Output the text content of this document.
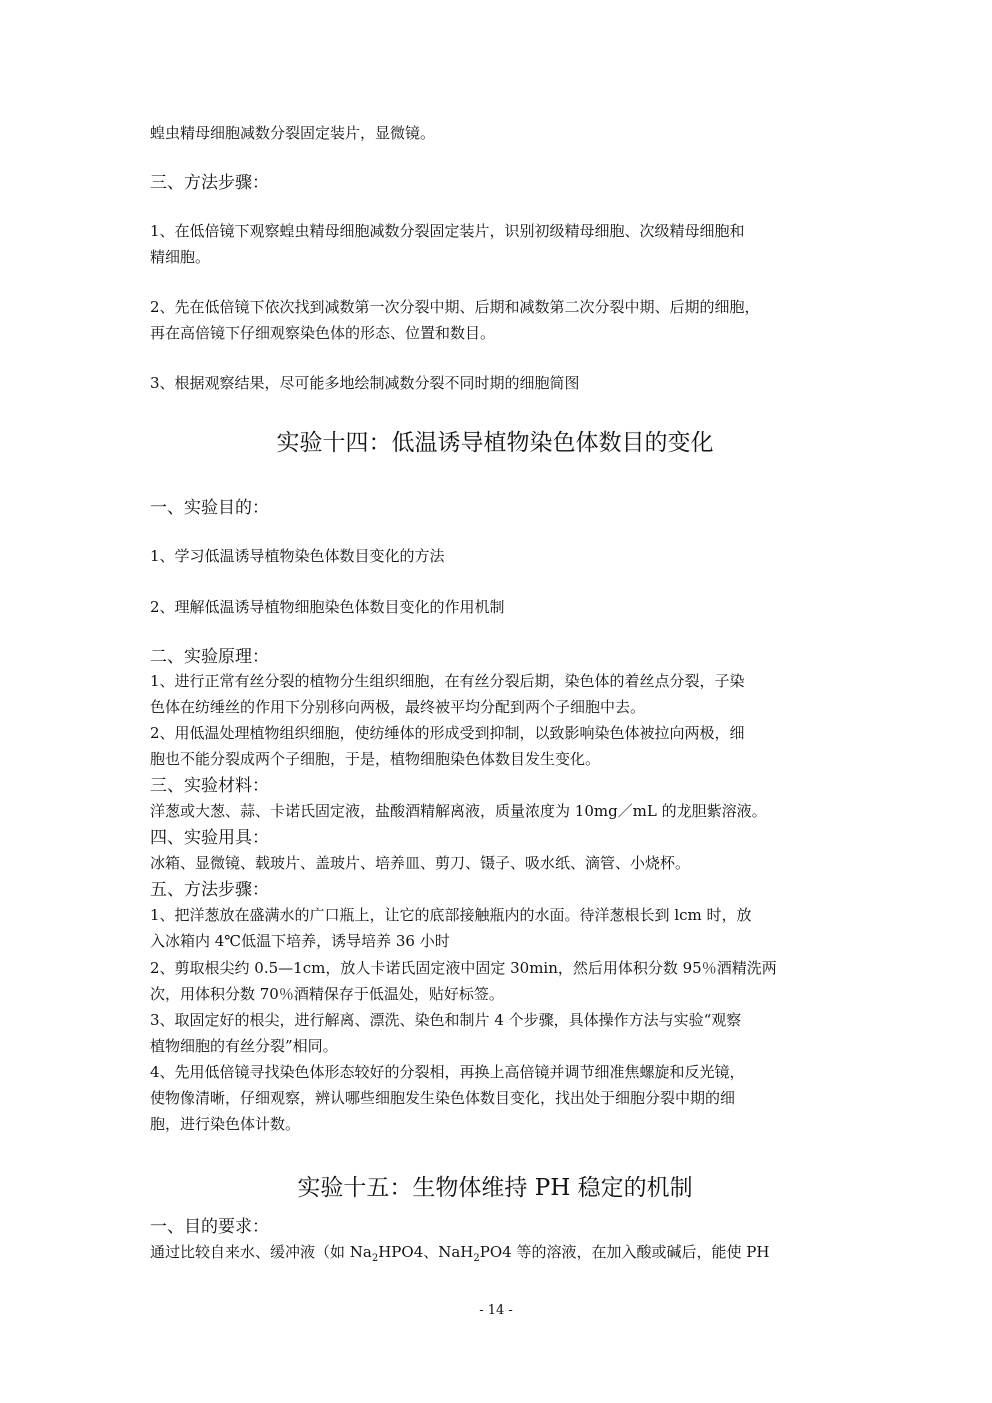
蝗虫精母细胞减数分裂固定装片，显微镜。

三、方法步骤：

1、在低倍镜下观察蝗虫精母细胞减数分裂固定装片，识别初级精母细胞、次级精母细胞和
精细胞。

2、先在低倍镜下依次找到减数第一次分裂中期、后期和减数第二次分裂中期、后期的细胞，
再在高倍镜下仔细观察染色体的形态、位置和数目。

3、根据观察结果，尽可能多地绘制减数分裂不同时期的细胞简图

实验十四：低温诱导植物染色体数目的变化

一、实验目的：

1、学习低温诱导植物染色体数目变化的方法

2、理解低温诱导植物细胞染色体数目变化的作用机制

二、实验原理：

1、进行正常有丝分裂的植物分生组织细胞，在有丝分裂后期，染色体的着丝点分裂，子染
色体在纺缍丝的作用下分别移向两极，最终被平均分配到两个子细胞中去。

2、用低温处理植物组织细胞，使纺缍体的形成受到抑制，以致影响染色体被拉向两极，细
胞也不能分裂成两个子细胞，于是，植物细胞染色体数目发生变化。

三、实验材料：

洋葱或大葱、蒜、卡诺氏固定液，盐酸酒精解离液，质量浓度为 10mg／mL 的龙胆紫溶液。

四、实验用具：

冰箱、显微镜、载玻片、盖玻片、培养皿、剪刀、镊子、吸水纸、滴管、小烧杯。

五、方法步骤：

1、把洋葱放在盛满水的广口瓶上，让它的底部接触瓶内的水面。待洋葱根长到 lcm 时，放
入冰箱内 4℃低温下培养，诱导培养 36 小时

2、剪取根尖约 0.5—1cm，放人卡诺氏固定液中固定 30min，然后用体积分数 95％酒精洗两
次，用体积分数 70％酒精保存于低温处，贴好标签。

3、取固定好的根尖，进行解离、漂洗、染色和制片 4 个步骤，具体操作方法与实验“观察
植物细胞的有丝分裂”相同。

4、先用低倍镜寻找染色体形态较好的分裂相，再换上高倍镜并调节细准焦螺旋和反光镜，
使物像清晰，仔细观察，辨认哪些细胞发生染色体数目变化，找出处于细胞分裂中期的细
胞，进行染色体计数。

实验十五：生物体维持 PH 稳定的机制

一、目的要求：

通过比较自来水、缓冲液（如 $Na_2HPO4$、NaH$_2$PO4 等的溶液，在加入酸或碱后，能使 PH

- 14 -
